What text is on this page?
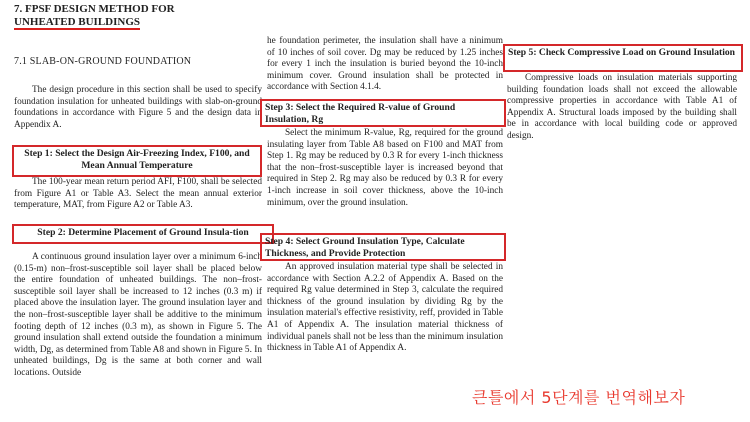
7. FPSF DESIGN METHOD FOR
UNHEATED BUILDINGS
7.1 SLAB-ON-GROUND FOUNDATION

The design procedure in this section shall be used to specify foundation insulation for unheated buildings with slab-on-ground foundations in accordance with Figure 5 and the design data in Appendix A.

Step 1: Select the Design Air-Freezing Index, F100, and Mean Annual Temperature

The 100-year mean return period AFI, F100, shall be selected from Figure A1 or Table A3. Select the mean annual exterior temperature, MAT, from Figure A2 or Table A3.

Step 2: Determine Placement of Ground Insula-tion

A continuous ground insulation layer over a minimum 6-inch (0.15-m) non–frost-susceptible soil layer shall be placed below the entire foundation of unheated buildings. The non–frost-susceptible soil layer shall be increased to 12 inches (0.3 m) if placed above the insulation layer. The ground insulation layer and the non–frost-susceptible layer shall be additive to the minimum footing depth of 12 inches (0.3 m), as shown in Figure 5. The ground insulation shall extend outside the foundation a minimum width, Dg, as determined from Table A8 and shown in Figure 5. In unheated buildings, Dg is the same at both corner and wall locations. Outside

he foundation perimeter, the insulation shall have a ninimum of 10 inches of soil cover. Dg may be reduced by 1.25 inches for every 1 inch the insulation is buried beyond the 10-inch minimum cover. Ground insulation shall be protected in accordance with Section 4.1.4.

Step 3: Select the Required R-value of Ground Insulation, Rg

Select the minimum R-value, Rg, required for the ground insulating layer from Table A8 based on F100 and MAT from Step 1. Rg may be reduced by 0.3 R for every 1-inch thickness that the non–frost-susceptible layer is increased beyond that required in Step 2. Rg may also be reduced by 0.3 R for every 1-inch increase in soil cover thickness, above the 10-inch minimum, over the ground insulation.

Step 4: Select Ground Insulation Type, Calculate Thickness, and Provide Protection

An approved insulation material type shall be selected in accordance with Section A.2.2 of Appendix A. Based on the required Rg value determined in Step 3, calculate the required thickness of the ground insulation by dividing Rg by the insulation material's effective resistivity, reff, provided in Table A1 of Appendix A. The insulation material thickness of individual panels shall not be less than the minimum insulation thickness in Table A1 of Appendix A.

Step 5: Check Compressive Load on Ground Insulation

Compressive loads on insulation materials supporting building foundation loads shall not exceed the allowable compressive properties in accordance with Table A1 of Appendix A. Structural loads imposed by the building shall be in accordance with local building code or approved design.

큰틀에서 5단계를 번역해보자
